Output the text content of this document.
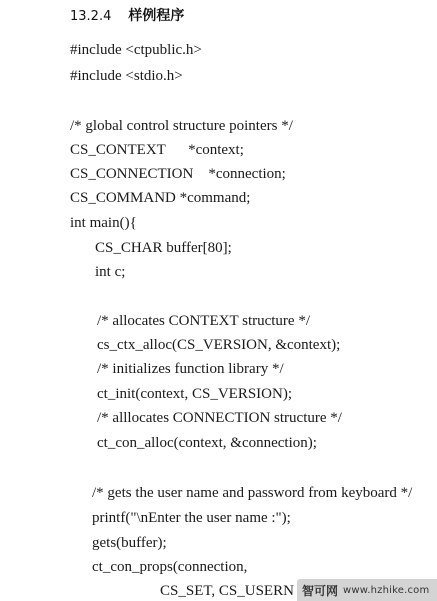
13.2.4 样例程序
#include <ctpublic.h>
#include <stdio.h>
/* global control structure pointers */
CS_CONTEXT      *context;
CS_CONNECTION    *connection;
CS_COMMAND *command;
int main(){
CS_CHAR buffer[80];
int c;
/* allocates CONTEXT structure */
cs_ctx_alloc(CS_VERSION, &context);
/* initializes function library */
ct_init(context, CS_VERSION);
/* alllocates CONNECTION structure */
ct_con_alloc(context, &connection);
/* gets the user name and password from keyboard */
printf("\nEnter the user name :");
gets(buffer);
ct_con_props(connection,
CS_SET, CS_USERN 智可网 www.hzhike.com
